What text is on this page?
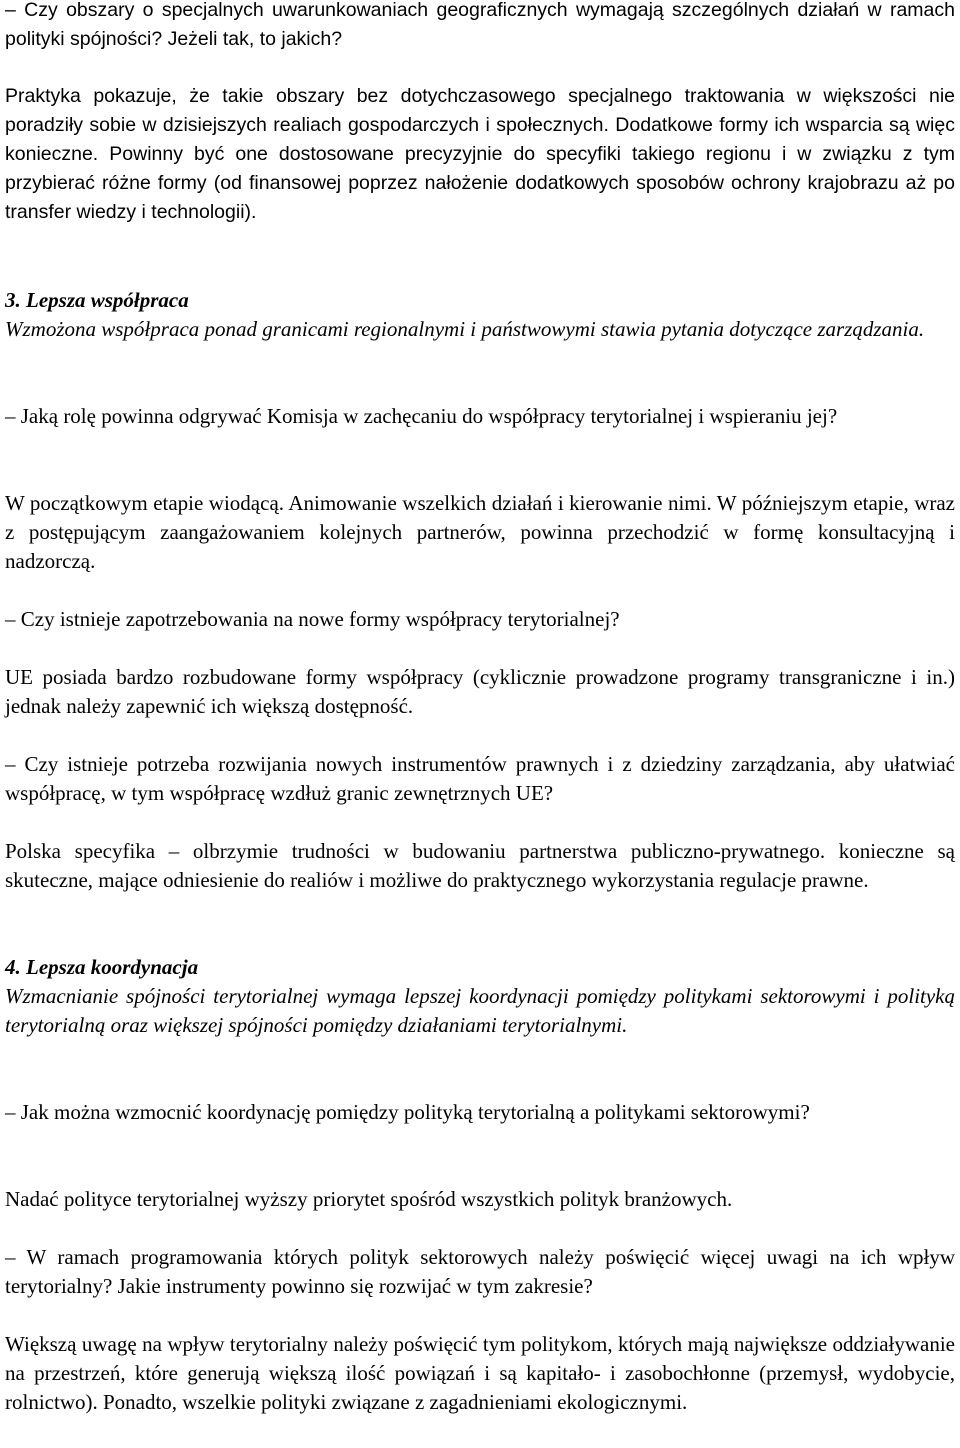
– Czy obszary o specjalnych uwarunkowaniach geograficznych wymagają szczególnych działań w ramach polityki spójności? Jeżeli tak, to jakich?

Praktyka pokazuje, że takie obszary bez dotychczasowego specjalnego traktowania w większości nie poradziły sobie w dzisiejszych realiach gospodarczych i społecznych. Dodatkowe formy ich wsparcia są więc konieczne. Powinny być one dostosowane precyzyjnie do specyfiki takiego regionu i w związku z tym przybierać różne formy (od finansowej poprzez nałożenie dodatkowych sposobów ochrony krajobrazu aż po transfer wiedzy i technologii).

3. Lepsza współpraca

Wzmożona współpraca ponad granicami regionalnymi i państwowymi stawia pytania dotyczące zarządzania.

– Jaką rolę powinna odgrywać Komisja w zachęcaniu do współpracy terytorialnej i wspieraniu jej?

W początkowym etapie wiodącą. Animowanie wszelkich działań i kierowanie nimi. W późniejszym etapie, wraz z postępującym zaangażowaniem kolejnych partnerów, powinna przechodzić w formę konsultacyjną i nadzorczą.

– Czy istnieje zapotrzebowania na nowe formy współpracy terytorialnej?

UE posiada bardzo rozbudowane formy współpracy (cyklicznie prowadzone programy transgraniczne i in.) jednak należy zapewnić ich większą dostępność.

– Czy istnieje potrzeba rozwijania nowych instrumentów prawnych i z dziedziny zarządzania, aby ułatwiać współpracę, w tym współpracę wzdłuż granic zewnętrznych UE?

Polska specyfika – olbrzymie trudności w budowaniu partnerstwa publiczno-prywatnego. konieczne są skuteczne, mające odniesienie do realiów i możliwe do praktycznego wykorzystania regulacje prawne.

4. Lepsza koordynacja

Wzmacnianie spójności terytorialnej wymaga lepszej koordynacji pomiędzy politykami sektorowymi i polityką terytorialną oraz większej spójności pomiędzy działaniami terytorialnymi.

– Jak można wzmocnić koordynację pomiędzy polityką terytorialną a politykami sektorowymi?

Nadać polityce terytorialnej wyższy priorytet spośród wszystkich polityk branżowych.

– W ramach programowania których polityk sektorowych należy poświęcić więcej uwagi na ich wpływ terytorialny? Jakie instrumenty powinno się rozwijać w tym zakresie?

Większą uwagę na wpływ terytorialny należy poświęcić tym politykom, których mają największe oddziaływanie na przestrzeń, które generują większą ilość powiązań i są kapitało- i zasobochłonne (przemysł, wydobycie, rolnictwo). Ponadto, wszelkie polityki związane z zagadnieniami ekologicznymi.
